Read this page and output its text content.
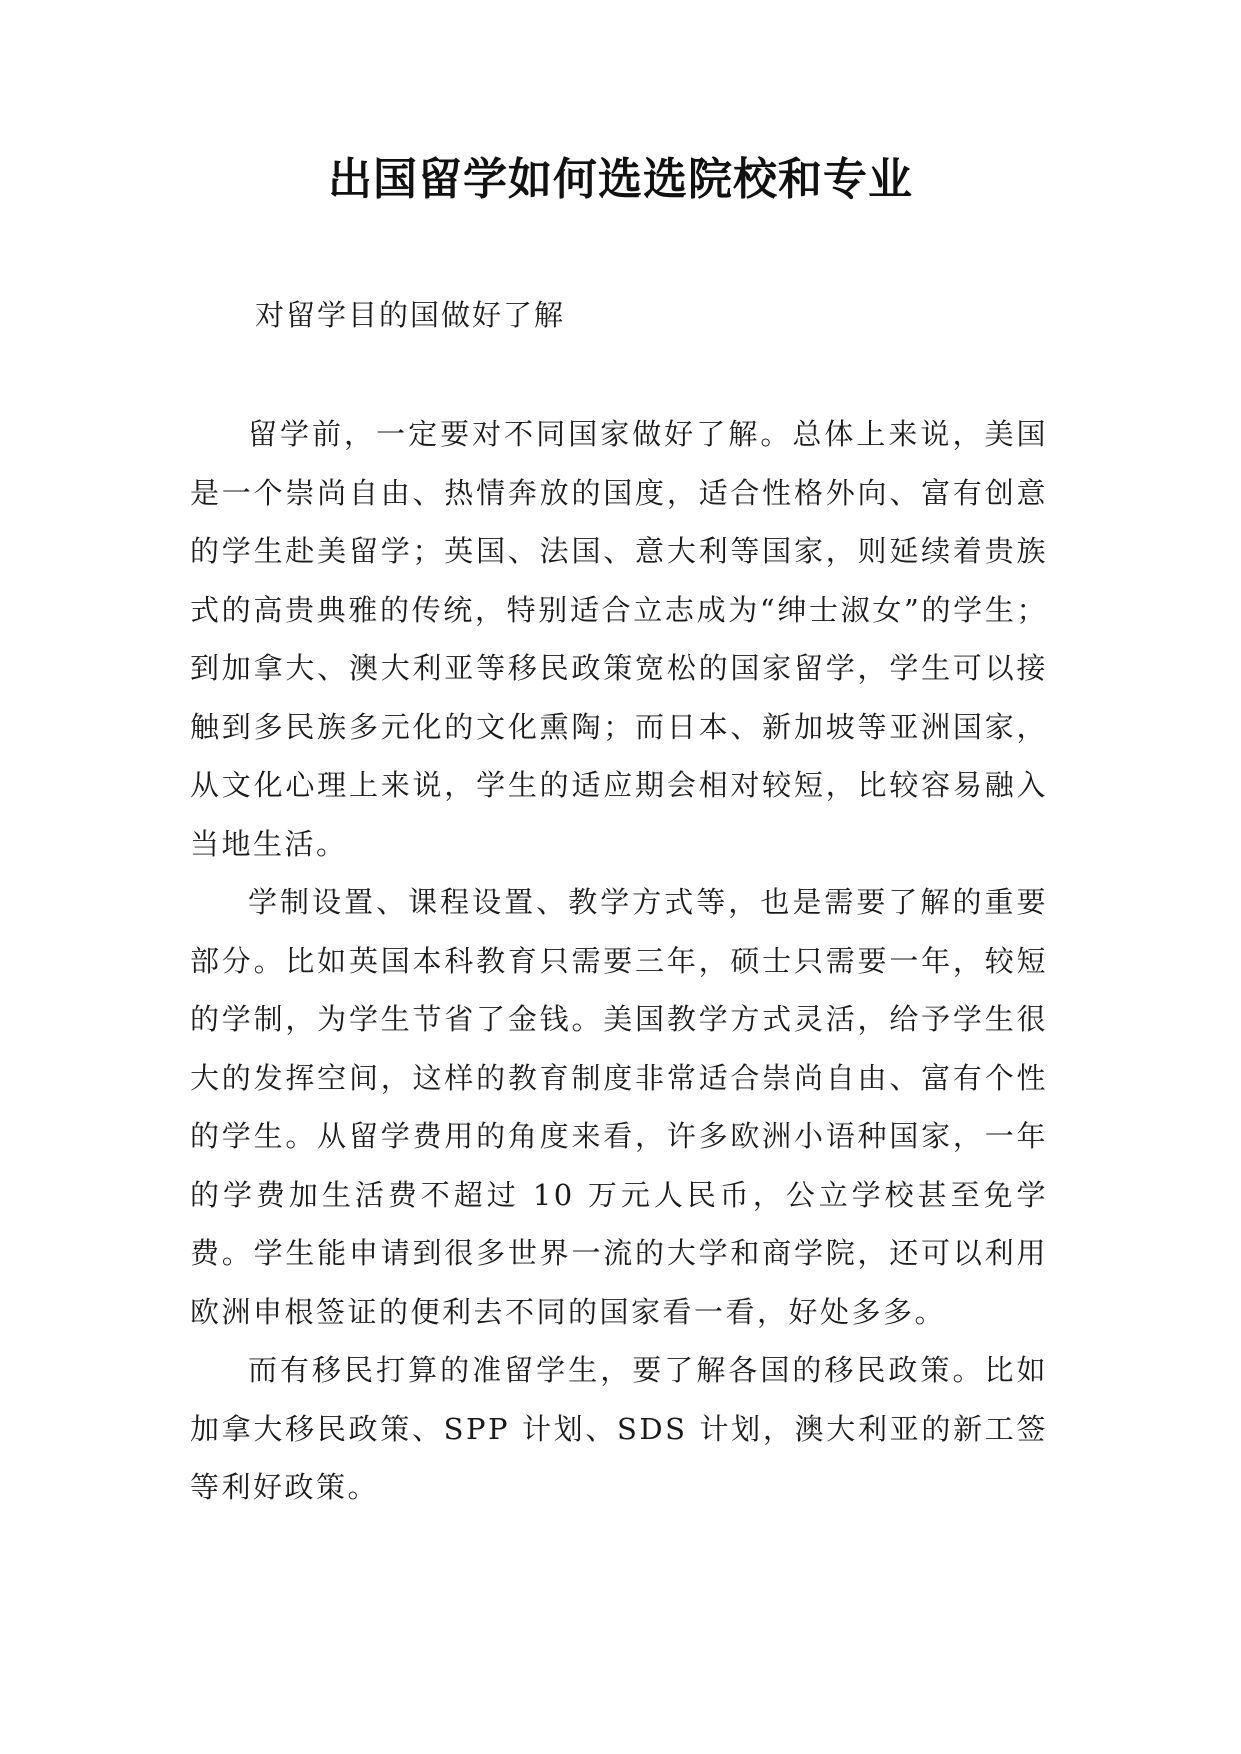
出国留学如何选选院校和专业

对留学目的国做好了解

留学前，一定要对不同国家做好了解。总体上来说，美国是一个崇尚自由、热情奔放的国度，适合性格外向、富有创意的学生赴美留学；英国、法国、意大利等国家，则延续着贵族式的高贵典雅的传统，特别适合立志成为“绅士淑女”的学生；到加拿大、澳大利亚等移民政策宽松的国家留学，学生可以接触到多民族多元化的文化熏陶；而日本、新加坡等亚洲国家，从文化心理上来说，学生的适应期会相对较短，比较容易融入当地生活。

学制设置、课程设置、教学方式等，也是需要了解的重要部分。比如英国本科教育只需要三年，硕士只需要一年，较短的学制，为学生节省了金钱。美国教学方式灵活，给予学生很大的发挥空间，这样的教育制度非常适合崇尚自由、富有个性的学生。从留学费用的角度来看，许多欧洲小语种国家，一年的学费加生活费不超过 10 万元人民币，公立学校甚至免学费。学生能申请到很多世界一流的大学和商学院，还可以利用欧洲申根签证的便利去不同的国家看一看，好处多多。

而有移民打算的准留学生，要了解各国的移民政策。比如加拿大移民政策、SPP 计划、SDS 计划，澳大利亚的新工签等利好政策。
